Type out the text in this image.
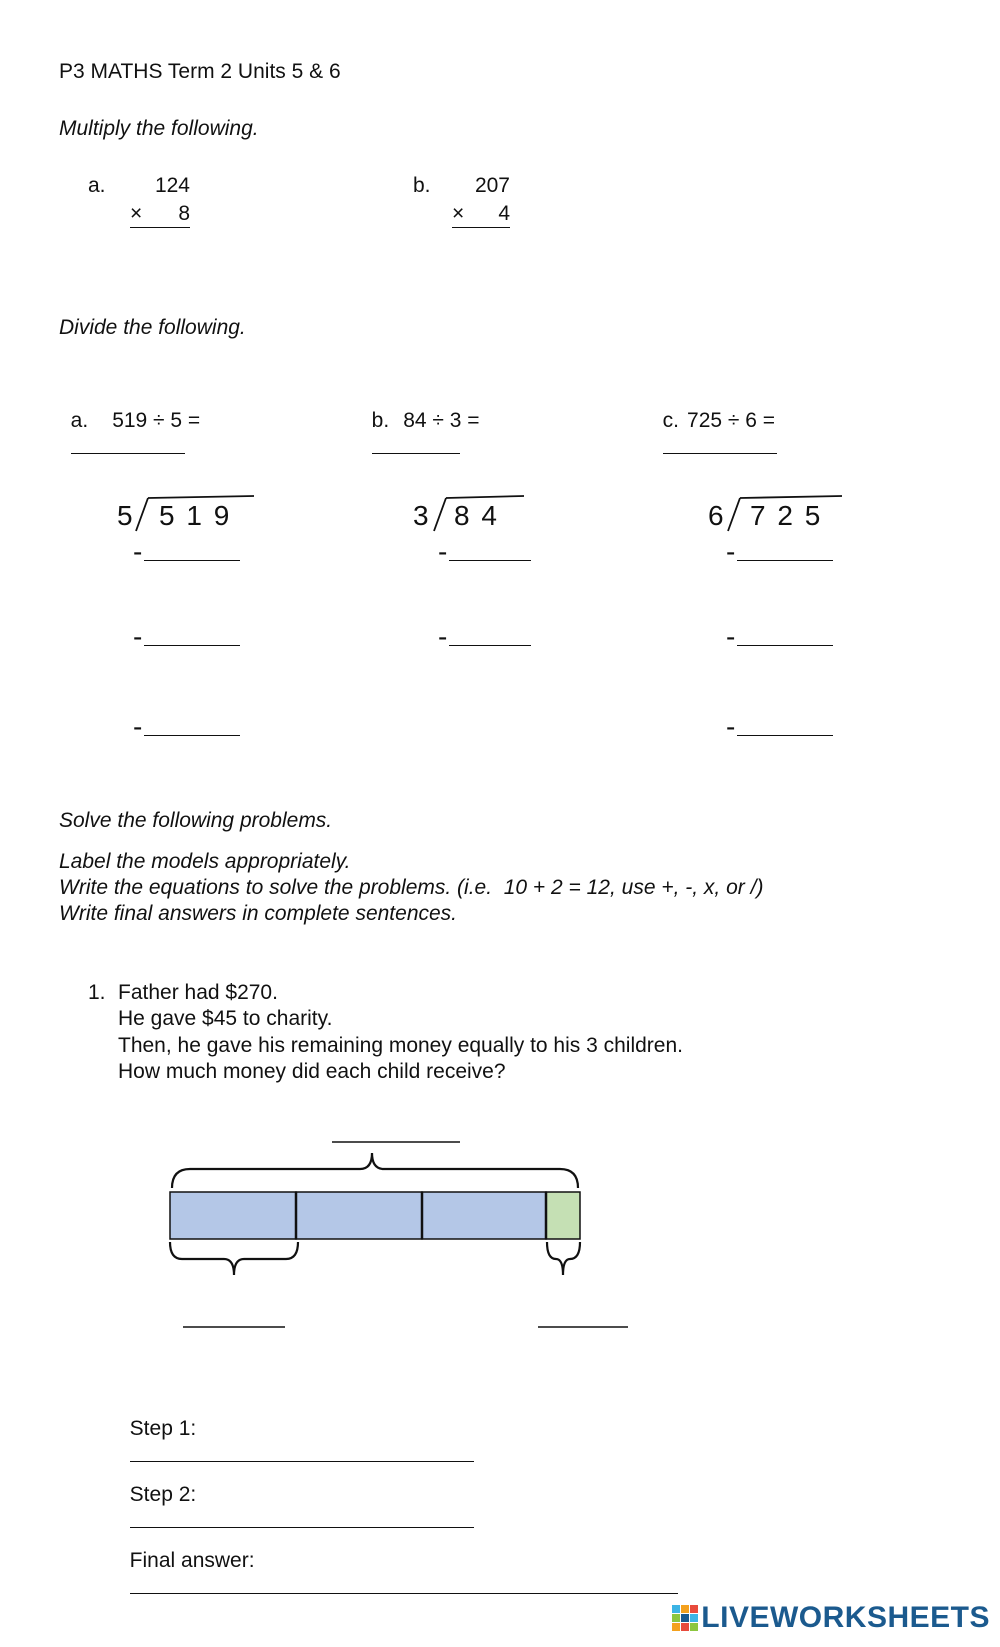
P3 MATHS Term 2 Units 5 & 6
Multiply the following.
a. 124
× 8
b. 207
× 4
Divide the following.

a. 519 ÷ 5 =
	b. 84 ÷ 3 =
	c. 725 ÷ 6 =

5 5 1 9
-
-
-
3 8 4
-
-
6 7 2 5
-
-
-
Solve the following problems.
Label the models appropriately.
Write the equations to solve the problems. (i.e.  10 + 2 = 12, use +, -, x, or /)
Write final answers in complete sentences.
1. Father had $270.
He gave $45 to charity.
Then, he gave his remaining money equally to his 3 children.
How much money did each child receive?

Step 1:

Step 2:

Final answer:

LIVEWORKSHEETS
